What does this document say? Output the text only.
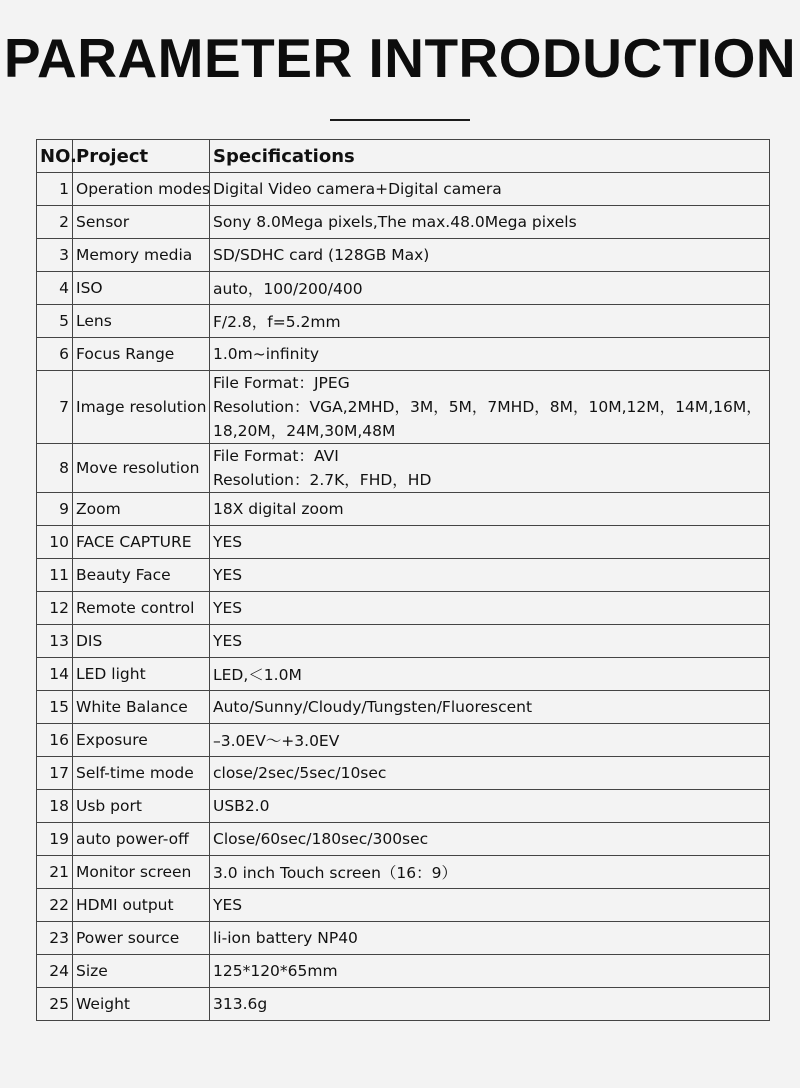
PARAMETER INTRODUCTION
NO.	Project	Specifications
1	Operation modes	Digital Video camera+Digital camera
2	Sensor	Sony 8.0Mega pixels,The max.48.0Mega pixels
3	Memory media	SD/SDHC card (128GB Max)
4	ISO	auto，100/200/400
5	Lens	F/2.8，f=5.2mm
6	Focus Range	1.0m~infinity
7	Image resolution	File Format：JPEG
Resolution：VGA,2MHD，3M，5M，7MHD，8M，10M,12M，14M,16M，
18,20M，24M,30M,48M

8	Move resolution	File Format：AVI
Resolution：2.7K，FHD，HD

9	Zoom	18X digital zoom
10	FACE CAPTURE	YES
11	Beauty Face	YES
12	Remote control	YES
13	DIS	YES
14	LED light	LED,＜1.0M
15	White Balance	Auto/Sunny/Cloudy/Tungsten/Fluorescent
16	Exposure	–3.0EV～+3.0EV
17	Self-time mode	close/2sec/5sec/10sec
18	Usb port	USB2.0
19	auto power-off	Close/60sec/180sec/300sec
21	Monitor screen	3.0 inch Touch screen（16：9）
22	HDMI output	YES
23	Power source	li-ion battery NP40
24	Size	125*120*65mm
25	Weight	313.6g
